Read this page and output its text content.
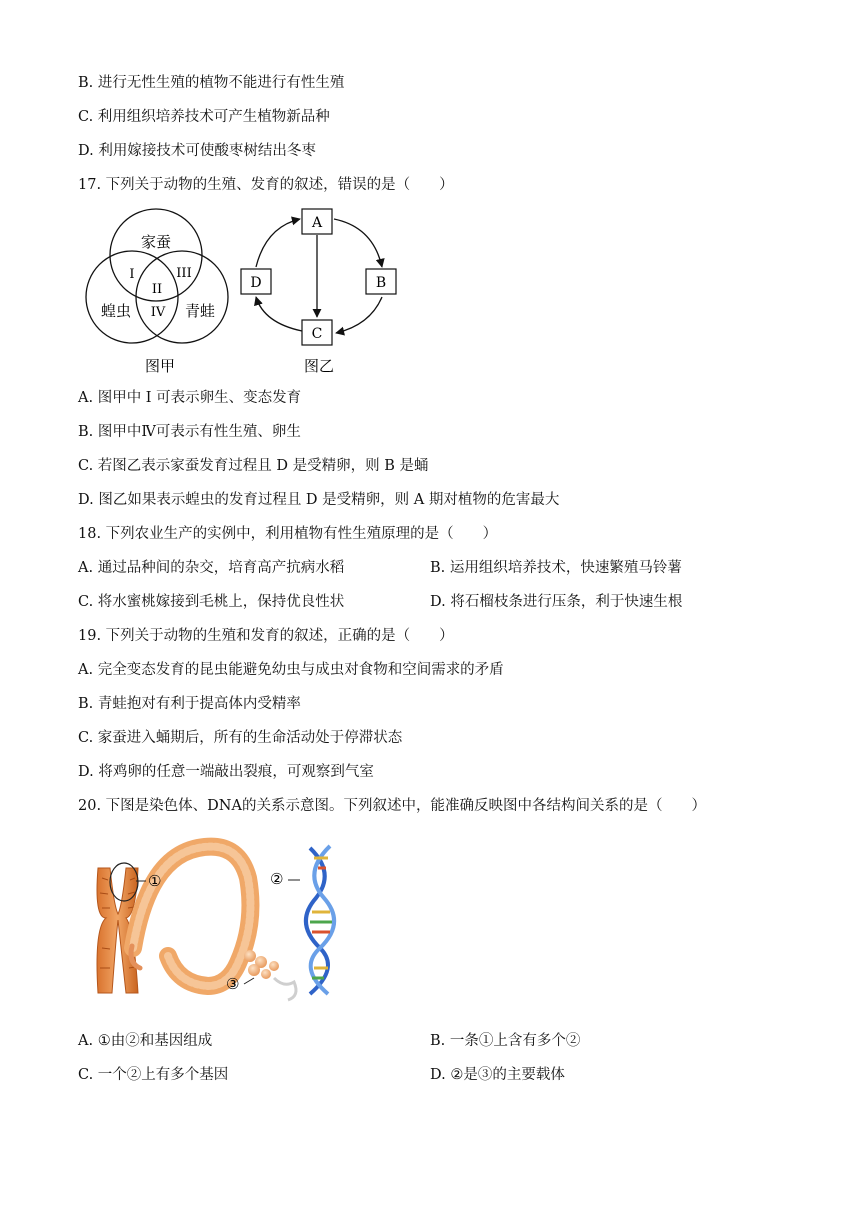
B. 进行无性生殖的植物不能进行有性生殖
C. 利用组织培养技术可产生植物新品种
D. 利用嫁接技术可使酸枣树结出冬枣
17. 下列关于动物的生殖、发育的叙述，错误的是（　　）
家蚕
蝗虫	青蛙
I
II
III
IV
图甲
A
B
C
D
图乙
A. 图甲中 I 可表示卵生、变态发育
B. 图甲中Ⅳ可表示有性生殖、卵生
C. 若图乙表示家蚕发育过程且 D 是受精卵，则 B 是蛹
D. 图乙如果表示蝗虫的发育过程且 D 是受精卵，则 A 期对植物的危害最大
18. 下列农业生产的实例中，利用植物有性生殖原理的是（　　）
A. 通过品种间的杂交，培育高产抗病水稻	B. 运用组织培养技术，快速繁殖马铃薯
C. 将水蜜桃嫁接到毛桃上，保持优良性状	D. 将石榴枝条进行压条，利于快速生根
19. 下列关于动物的生殖和发育的叙述，正确的是（　　）
A. 完全变态发育的昆虫能避免幼虫与成虫对食物和空间需求的矛盾
B. 青蛙抱对有利于提高体内受精率
C. 家蚕进入蛹期后，所有的生命活动处于停滞状态
D. 将鸡卵的任意一端敲出裂痕，可观察到气室
20. 下图是染色体、DNA的关系示意图。下列叙述中，能准确反映图中各结构间关系的是（　　）
①	②
③
A. ①由②和基因组成	B. 一条①上含有多个②
C. 一个②上有多个基因	D. ②是③的主要载体
